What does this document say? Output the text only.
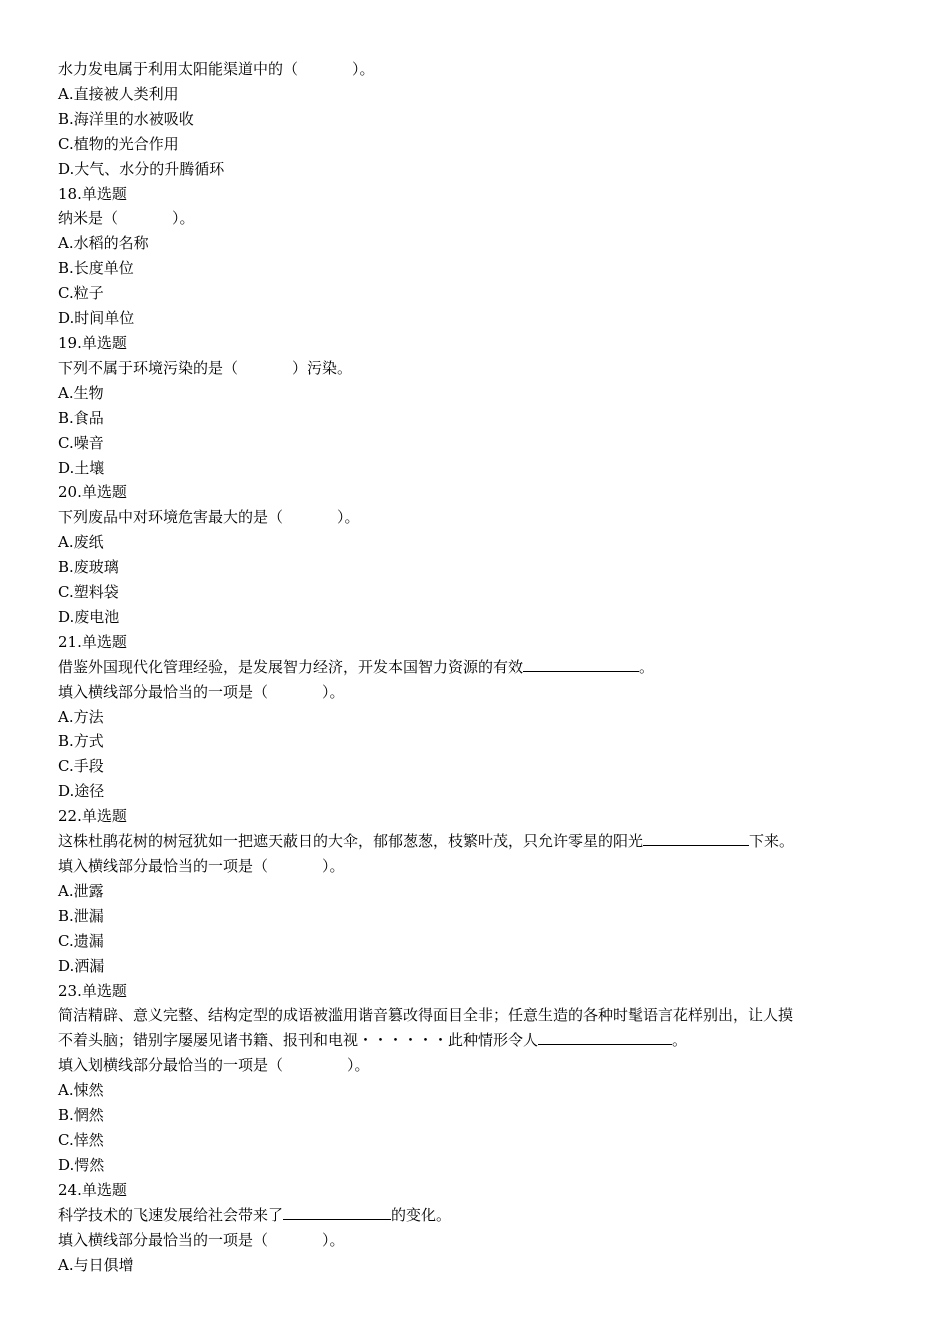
水力发电属于利用太阳能渠道中的（	）。
A.直接被人类利用
B.海洋里的水被吸收
C.植物的光合作用
D.大气、水分的升腾循环
18.单选题
纳米是（	）。
A.水稻的名称
B.长度单位
C.粒子
D.时间单位
19.单选题
下列不属于环境污染的是（	）污染。
A.生物
B.食品
C.噪音
D.土壤
20.单选题
下列废品中对环境危害最大的是（	）。
A.废纸
B.废玻璃
C.塑料袋
D.废电池
21.单选题
借鉴外国现代化管理经验，是发展智力经济，开发本国智力资源的有效	。
填入横线部分最恰当的一项是（	）。
A.方法
B.方式
C.手段
D.途径
22.单选题
这株杜鹃花树的树冠犹如一把遮天蔽日的大伞，郁郁葱葱，枝繁叶茂，只允许零星的阳光	下来。
填入横线部分最恰当的一项是（	）。
A.泄露
B.泄漏
C.遗漏
D.洒漏
23.单选题
简洁精辟、意义完整、结构定型的成语被滥用谐音篡改得面目全非；任意生造的各种时髦语言花样别出，让人摸
不着头脑；错别字屡屡见诸书籍、报刊和电视・・・・・・此种情形令人	。
填入划横线部分最恰当的一项是（	）。
A.悚然
B.惘然
C.悻然
D.愕然
24.单选题
科学技术的飞速发展给社会带来了	的变化。
填入横线部分最恰当的一项是（	）。
A.与日俱增
